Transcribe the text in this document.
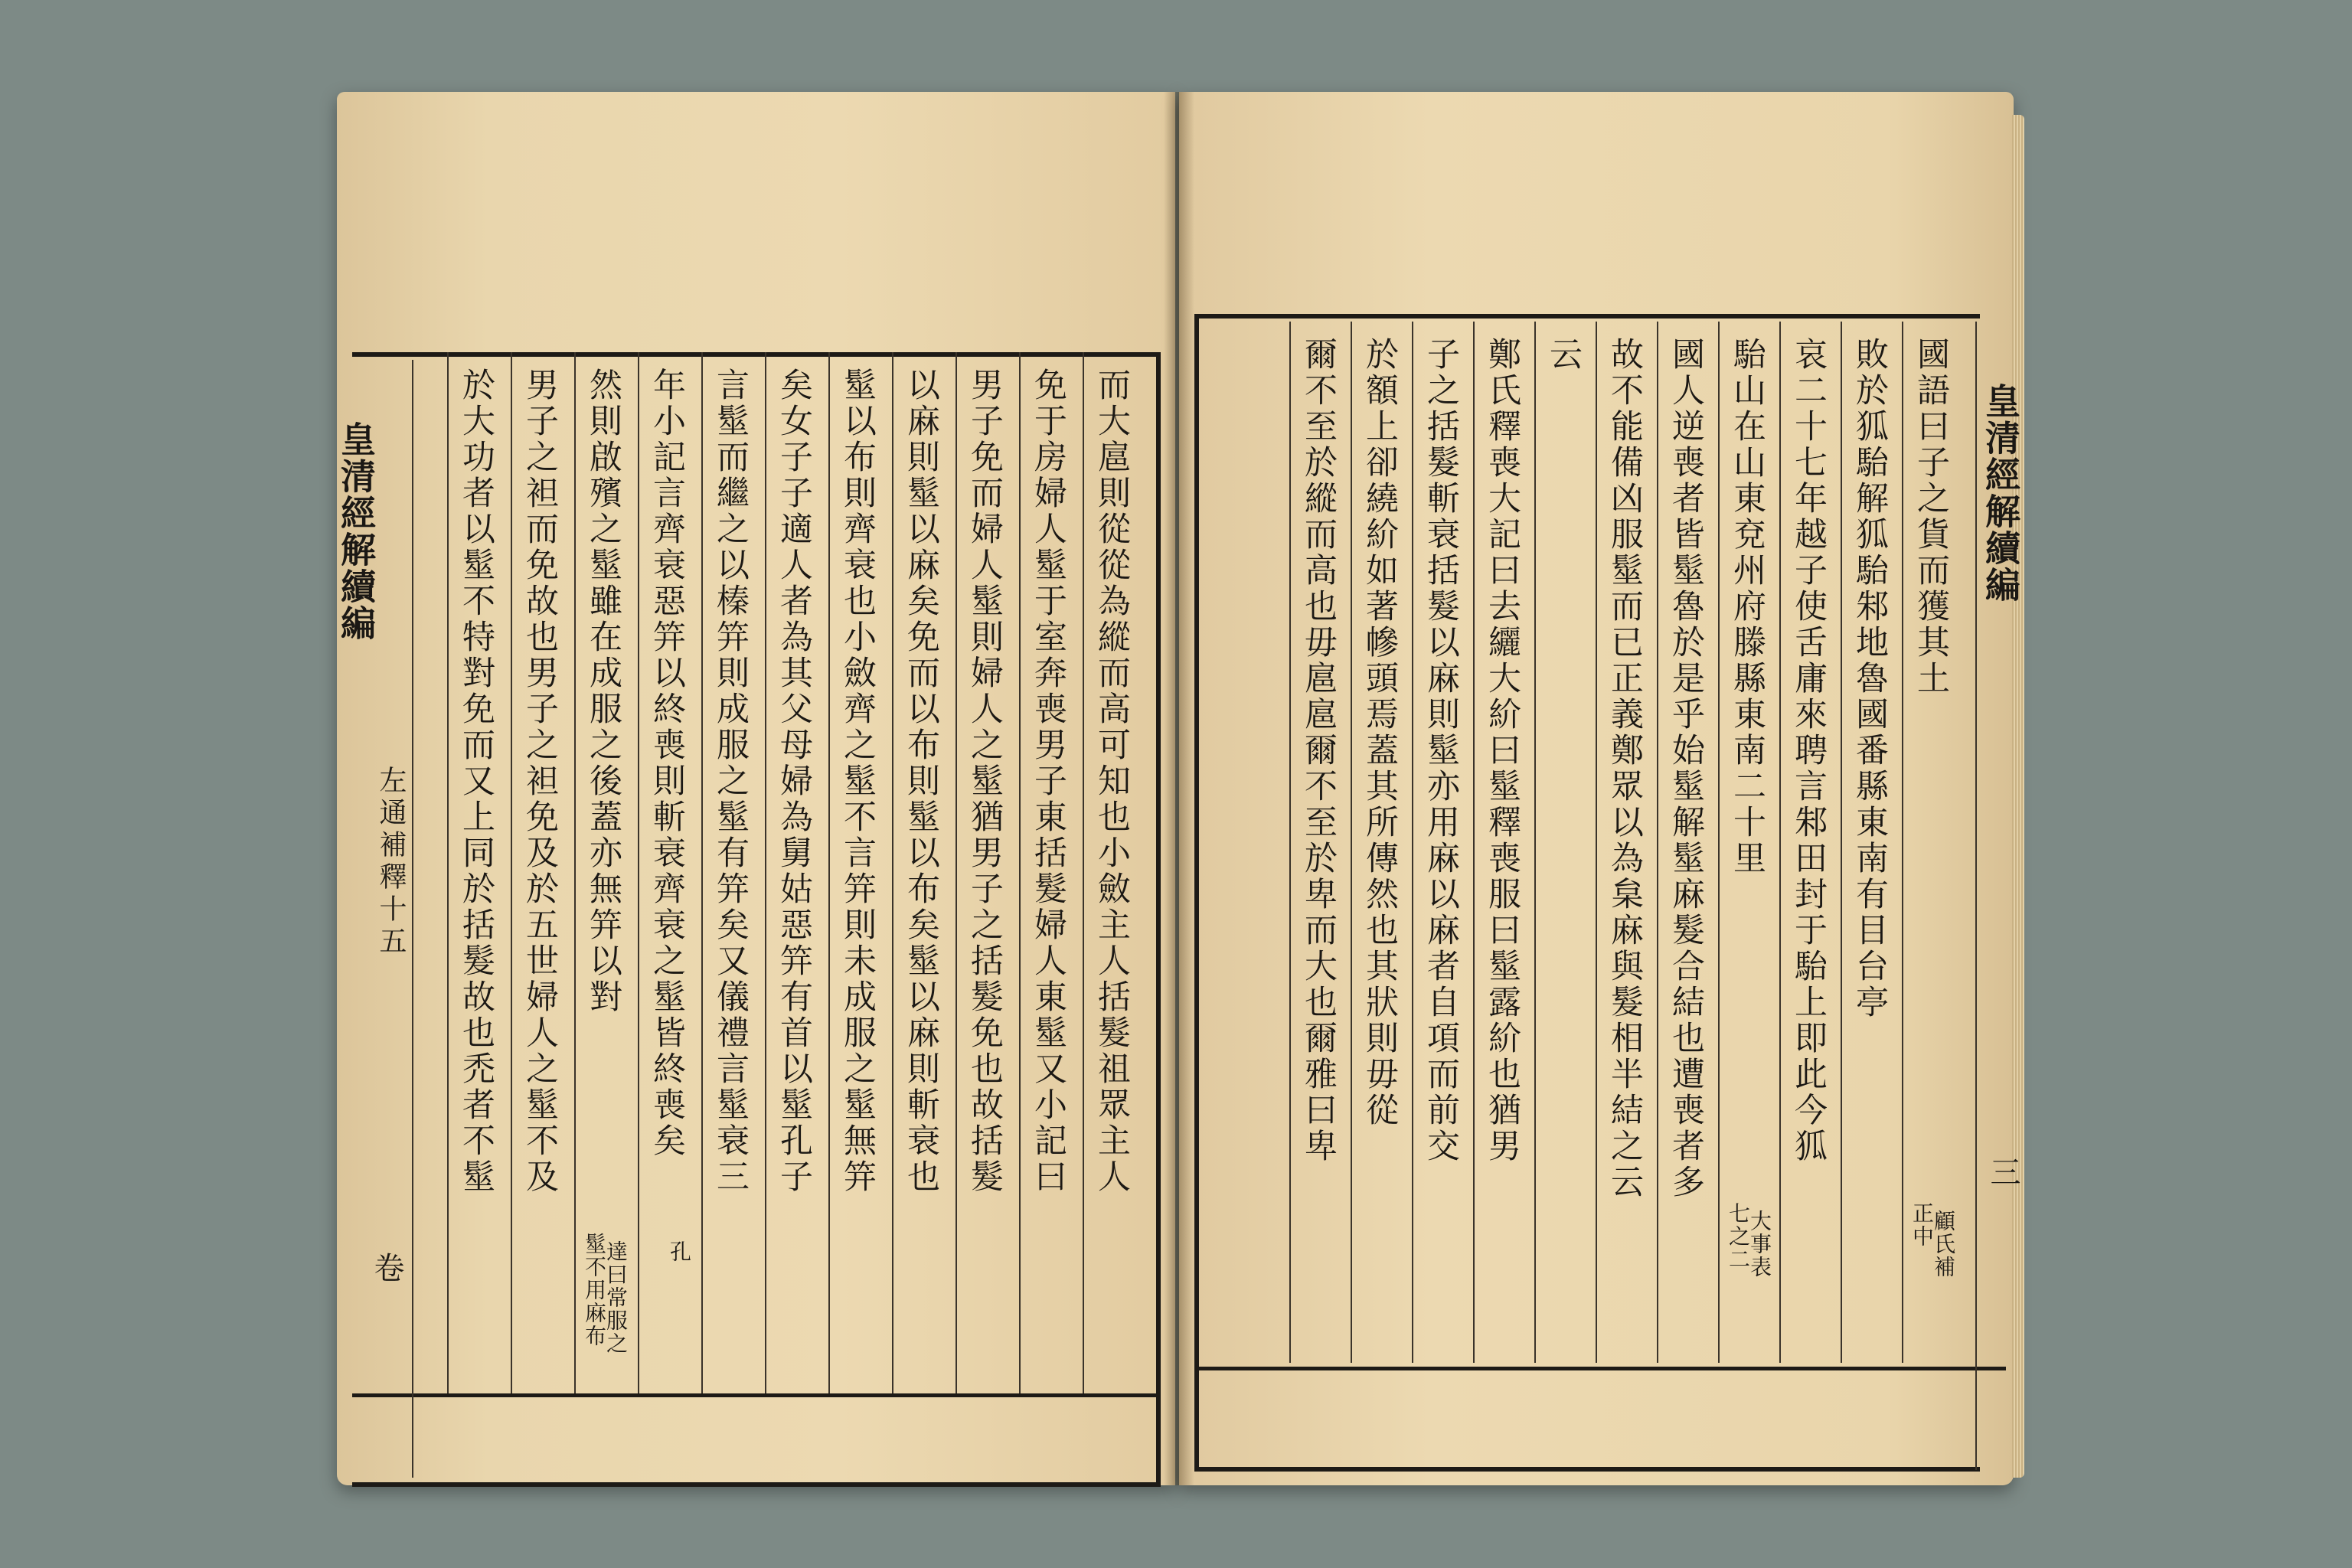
皇清經解續編
左通補釋十五
卷
而大扈則從從為縱而高可知也小斂主人括髮祖眾主人
免于房婦人髽于室奔喪男子東括髮婦人東髽又小記曰
男子免而婦人髽則婦人之髽猶男子之括髮免也故括髮
以麻則髽以麻矣免而以布則髽以布矣髽以麻則斬衰也
髽以布則齊衰也小斂齊之髽不言笄則未成服之髽無笄
矣女子子適人者為其父母婦為舅姑惡笄有首以髽孔子
言髽而繼之以榛笄則成服之髽有笄矣又儀禮言髽衰三
年小記言齊衰惡笄以終喪則斬衰齊衰之髽皆終喪矣
然則啟殯之髽雖在成服之後蓋亦無笄以對
男子之袒而免故也男子之袒免及於五世婦人之髽不及
於大功者以髽不特對免而又上同於括髮故也禿者不髽
孔
達曰常服之
髽不用麻布
皇清經解續編
三
國語曰子之貨而獲其土
敗於狐駘解狐駘邾地魯國番縣東南有目台亭
哀二十七年越子使舌庸來聘言邾田封于駘上即此今狐
駘山在山東兗州府滕縣東南二十里
國人逆喪者皆髽魯於是乎始髽解髽麻髮合結也遭喪者多
故不能備凶服髽而已正義鄭眾以為枲麻與髮相半結之云
云
鄭氏釋喪大記曰去纚大紒曰髽釋喪服曰髽露紒也猶男
子之括髮斬衰括髮以麻則髽亦用麻以麻者自項而前交
於額上卻繞紒如著幓頭焉蓋其所傳然也其狀則毋從
爾不至於縱而高也毋扈扈爾不至於卑而大也爾雅曰卑
顧氏補
正中
大事表
七之二
